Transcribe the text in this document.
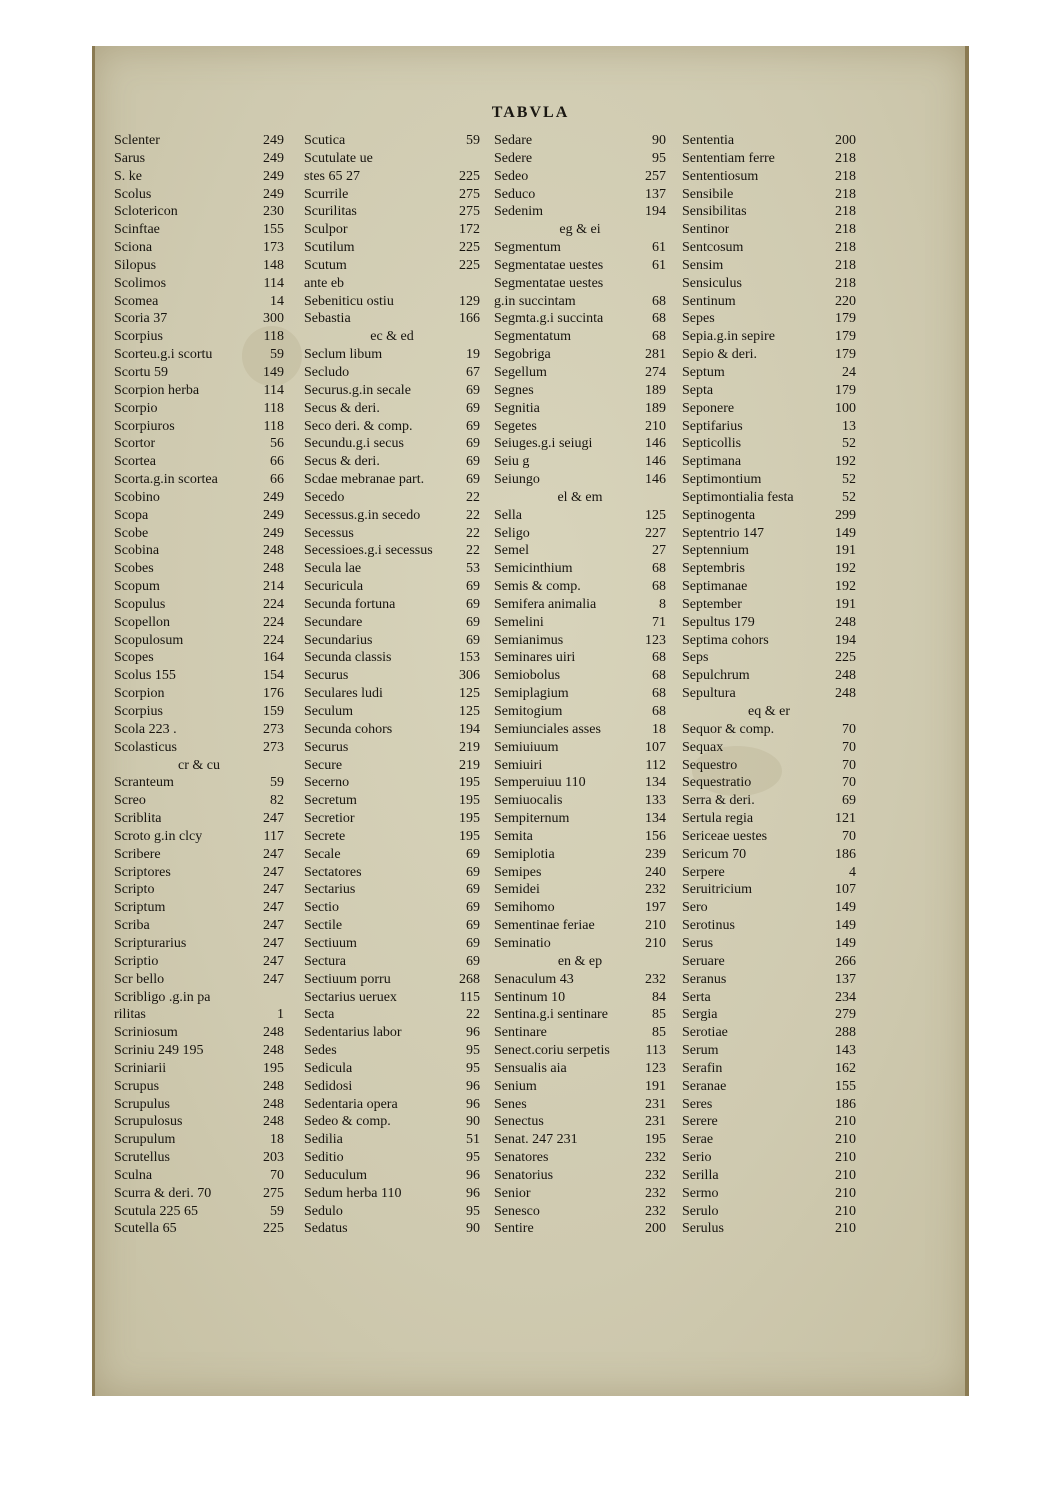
TABVLA
Sclenter	249
Sarus	249
S. ke	249
Scolus	249
Sclotericon	230
Scinftae	155
Sciona	173
Silopus	148
Scolimos	114
Scomea	14
Scoria 37	300
Scorpius	118
Scorteu.g.i scortu	59
Scortu 59	149
Scorpion herba	114
Scorpio	118
Scorpiuros	118
Scortor	56
Scortea	66
Scorta.g.in scortea	66
Scobino	249
Scopa	249
Scobe	249
Scobina	248
Scobes	248
Scopum	214
Scopulus	224
Scopellon	224
Scopulosum	224
Scopes	164
Scolus 155	154
Scorpion	176
Scorpius	159
Scola 223 .	273
Scolasticus	273
cr & cu
Scranteum	59
Screo	82
Scriblita	247
Scroto g.in clcy	117
Scribere	247
Scriptores	247
Scripto	247
Scriptum	247
Scriba	247
Scripturarius	247
Scriptio	247
Scr bello	247
Scribligo .g.in pa
rilitas	1
Scriniosum	248
Scriniu 249 195	248
Scriniarii	195
Scrupus	248
Scrupulus	248
Scrupulosus	248
Scrupulum	18
Scrutellus	203
Sculna	70
Scurra & deri. 70	275
Scutula 225 65	59
Scutella 65	225
Scutica	59
Scutulate ue
stes 65 27	225
Scurrile	275
Scurilitas	275
Sculpor	172
Scutilum	225
Scutum	225
ante eb
Sebeniticu ostiu	129
Sebastia	166
ec & ed
Seclum libum	19
Secludo	67
Securus.g.in secale	69
Secus & deri.	69
Seco deri. & comp.	69
Secundu.g.i secus	69
Secus & deri.	69
Scdae mebranae part.	69
Secedo	22
Secessus.g.in secedo	22
Secessus	22
Secessioes.g.i secessus	22
Secula lae	53
Securicula	69
Secunda fortuna	69
Secundare	69
Secundarius	69
Secunda classis	153
Securus	306
Seculares ludi	125
Seculum	125
Secunda cohors	194
Securus	219
Secure	219
Secerno	195
Secretum	195
Secretior	195
Secrete	195
Secale	69
Sectatores	69
Sectarius	69
Sectio	69
Sectile	69
Sectiuum	69
Sectura	69
Sectiuum porru	268
Sectarius ueruex	115
Secta	22
Sedentarius labor	96
Sedes	95
Sedicula	95
Sedidosi	96
Sedentaria opera	96
Sedeo & comp.	90
Sedilia	51
Seditio	95
Seduculum	96
Sedum herba 110	96
Sedulo	95
Sedatus	90
Sedare	90
Sedere	95
Sedeo	257
Seduco	137
Sedenim	194
eg & ei
Segmentum	61
Segmentatae uestes	61
Segmentatae uestes
g.in succintam	68
Segmta.g.i succinta	68
Segmentatum	68
Segobriga	281
Segellum	274
Segnes	189
Segnitia	189
Segetes	210
Seiuges.g.i seiugi	146
Seiu g	146
Seiungo	146
el & em
Sella	125
Seligo	227
Semel	27
Semicinthium	68
Semis & comp.	68
Semifera animalia	8
Semelini	71
Semianimus	123
Seminares uiri	68
Semiobolus	68
Semiplagium	68
Semitogium	68
Semiunciales asses	18
Semiuiuum	107
Semiuiri	112
Semperuiuu 110	134
Semiuocalis	133
Sempiternum	134
Semita	156
Semiplotia	239
Semipes	240
Semidei	232
Semihomo	197
Sementinae feriae	210
Seminatio	210
en & ep
Senaculum 43	232
Sentinum 10	84
Sentina.g.i sentinare	85
Sentinare	85
Senect.coriu serpetis	113
Sensualis aia	123
Senium	191
Senes	231
Senectus	231
Senat. 247 231	195
Senatores	232
Senatorius	232
Senior	232
Senesco	232
Sentire	200
Sententia	200
Sententiam ferre	218
Sententiosum	218
Sensibile	218
Sensibilitas	218
Sentinor	218
Sentcosum	218
Sensim	218
Sensiculus	218
Sentinum	220
Sepes	179
Sepia.g.in sepire	179
Sepio & deri.	179
Septum	24
Septa	179
Seponere	100
Septifarius	13
Septicollis	52
Septimana	192
Septimontium	52
Septimontialia festa	52
Septinogenta	299
Septentrio 147	149
Septennium	191
Septembris	192
Septimanae	192
September	191
Sepultus 179	248
Septima cohors	194
Seps	225
Sepulchrum	248
Sepultura	248
eq & er
Sequor & comp.	70
Sequax	70
Sequestro	70
Sequestratio	70
Serra & deri.	69
Sertula regia	121
Sericeae uestes	70
Sericum 70	186
Serpere	4
Seruitricium	107
Sero	149
Serotinus	149
Serus	149
Seruare	266
Seranus	137
Serta	234
Sergia	279
Serotiae	288
Serum	143
Serafin	162
Seranae	155
Seres	186
Serere	210
Serae	210
Serio	210
Serilla	210
Sermo	210
Serulo	210
Serulus	210
